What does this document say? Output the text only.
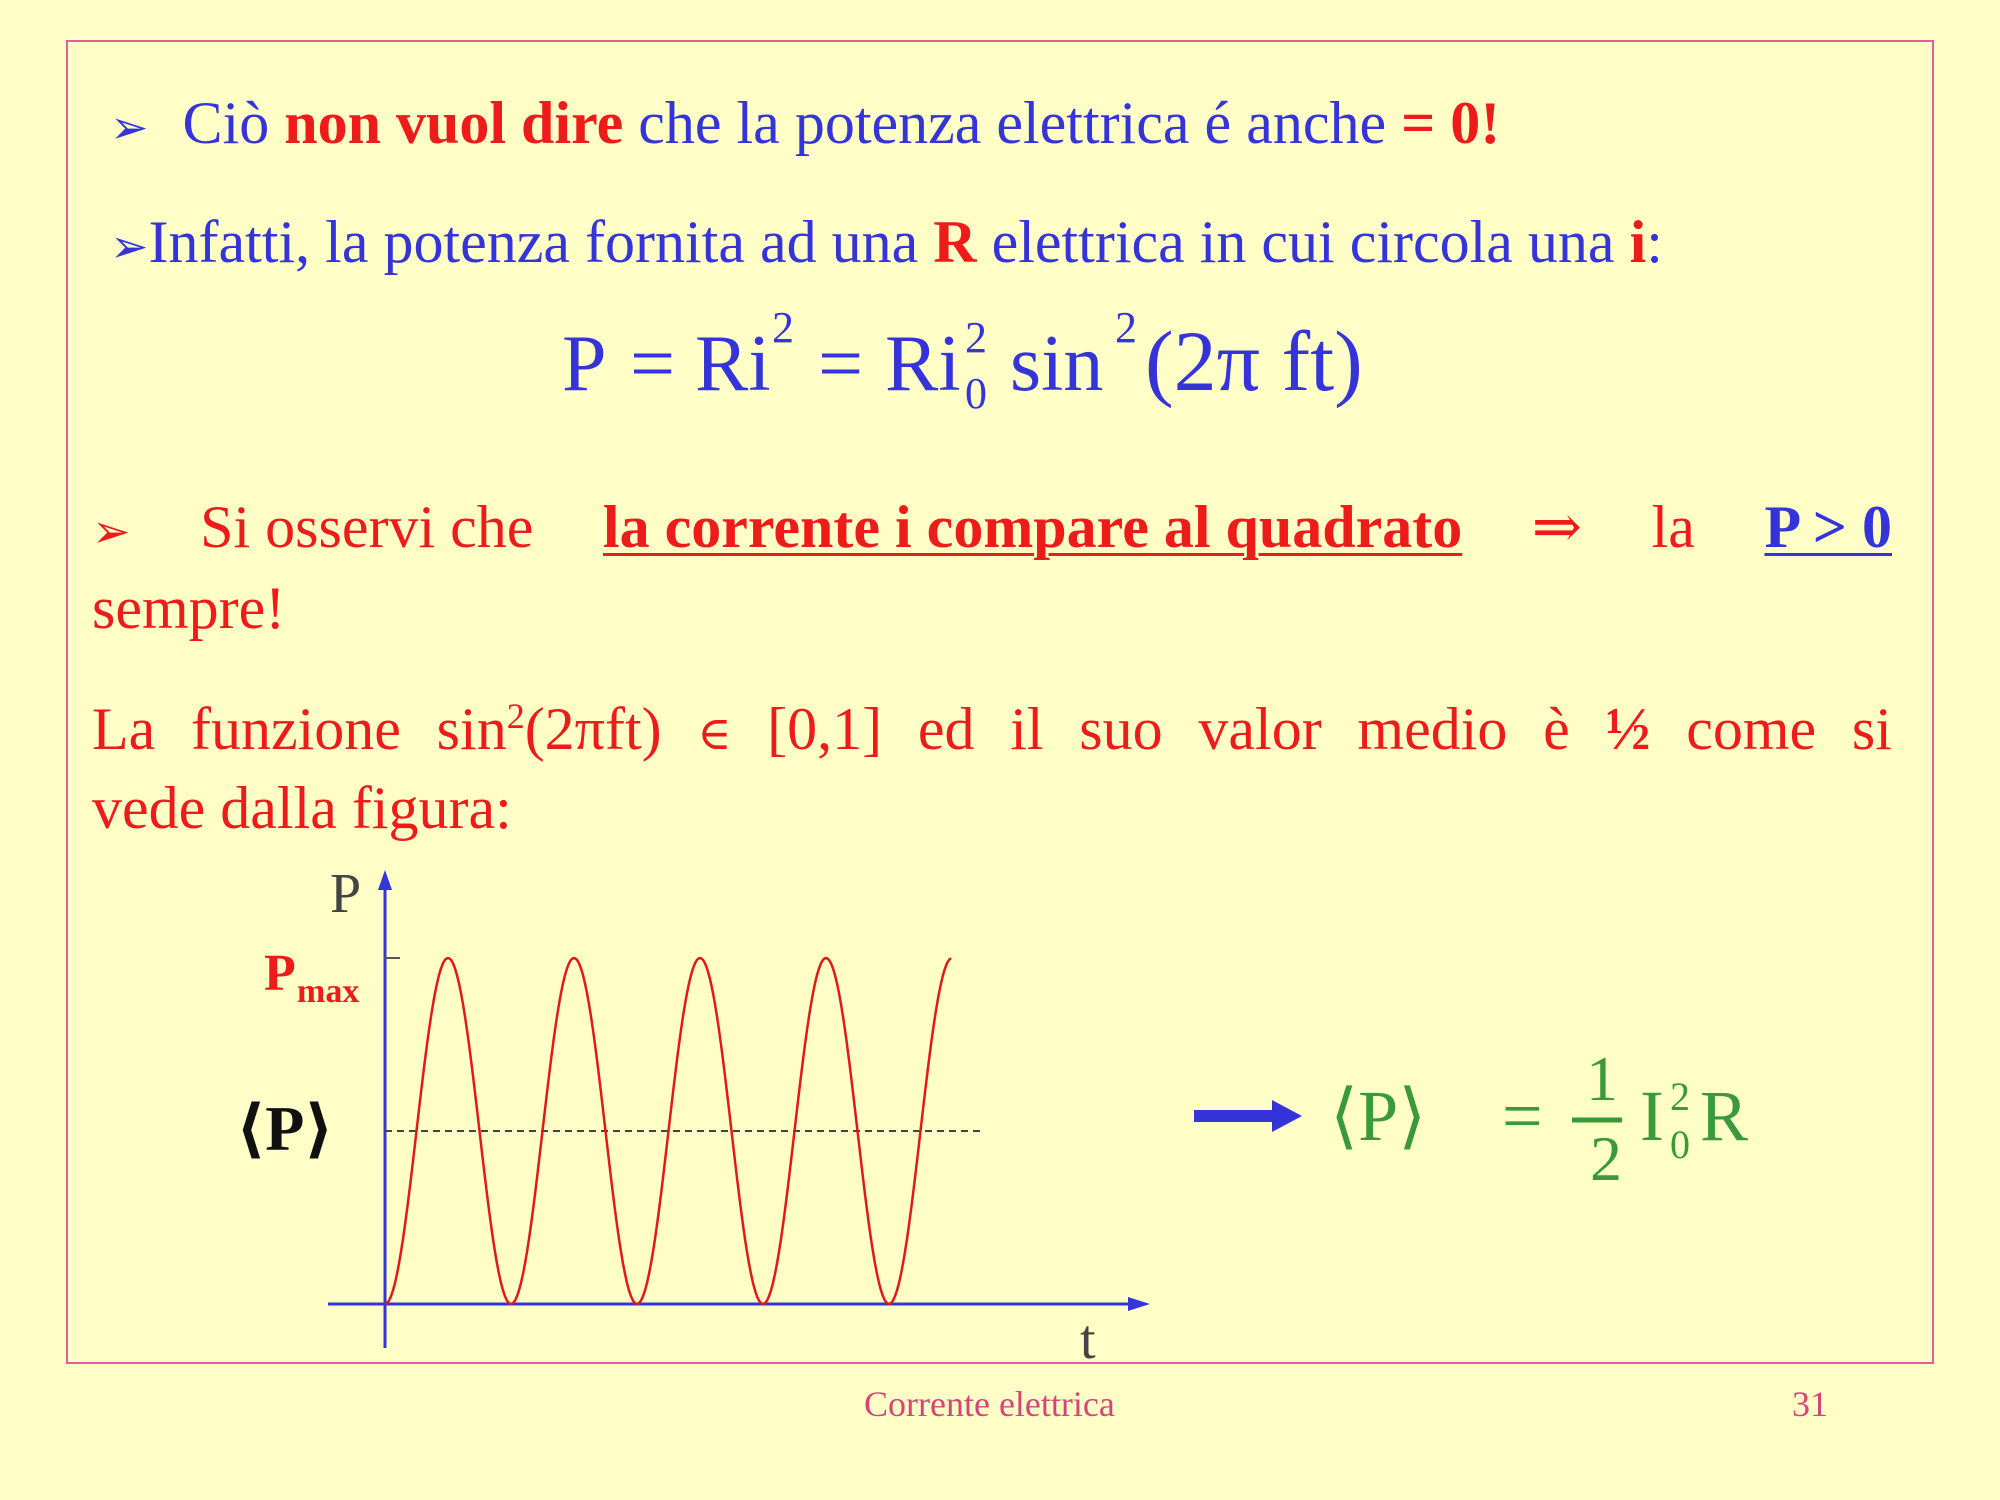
➢ Ciò non vuol dire che la potenza elettrica é anche = 0!
➢Infatti, la potenza fornita ad una R elettrica in cui circola una i:
P = Ri 2 = Ri 2
0 sin 2 (2π ft)
➢ Si osservi che la corrente i compare al quadrato ⇒ la P > 0
sempre!
La funzione $\sin^2(2\pi ft)$ ∈ [0,1] ed il suo valor medio è ½ come si
vede dalla figura:
P
t
P max
⟨P⟩	⟨P⟩ = 1
2
I 2
0 R
Corrente elettrica	31
